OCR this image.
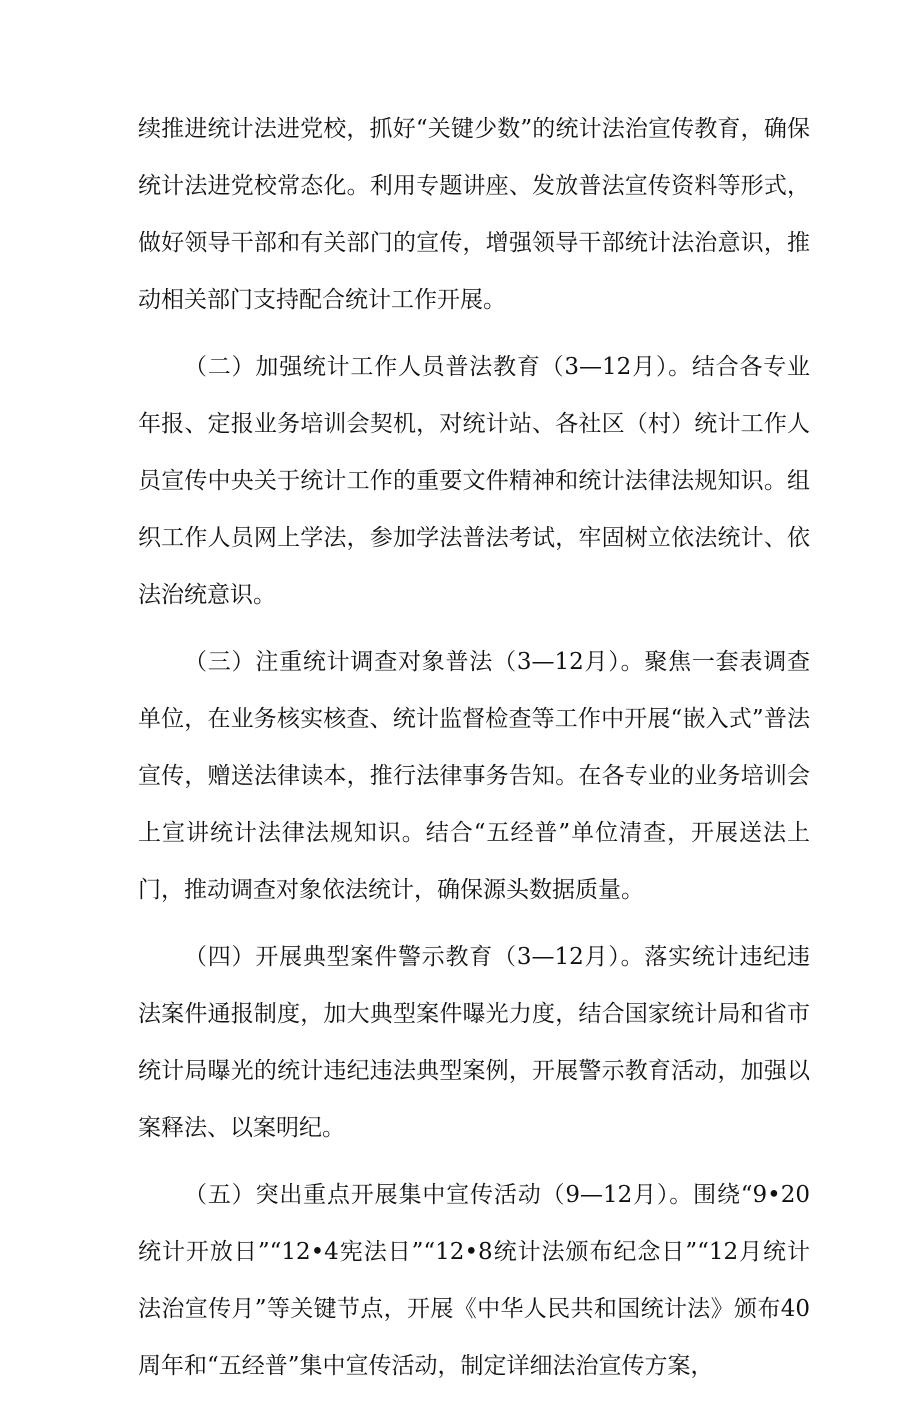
续推进统计法进党校，抓好“关键少数”的统计法治宣传教育，确保统计法进党校常态化。利用专题讲座、发放普法宣传资料等形式，做好领导干部和有关部门的宣传，增强领导干部统计法治意识，推动相关部门支持配合统计工作开展。

（二）加强统计工作人员普法教育（3—12月）。结合各专业年报、定报业务培训会契机，对统计站、各社区（村）统计工作人员宣传中央关于统计工作的重要文件精神和统计法律法规知识。组织工作人员网上学法，参加学法普法考试，牢固树立依法统计、依法治统意识。

（三）注重统计调查对象普法（3—12月）。聚焦一套表调查单位，在业务核实核查、统计监督检查等工作中开展“嵌入式”普法宣传，赠送法律读本，推行法律事务告知。在各专业的业务培训会上宣讲统计法律法规知识。结合“五经普”单位清查，开展送法上门，推动调查对象依法统计，确保源头数据质量。

（四）开展典型案件警示教育（3—12月）。落实统计违纪违法案件通报制度，加大典型案件曝光力度，结合国家统计局和省市统计局曝光的统计违纪违法典型案例，开展警示教育活动，加强以案释法、以案明纪。

（五）突出重点开展集中宣传活动（9—12月）。围绕“9•20统计开放日”“12•4宪法日”“12•8统计法颁布纪念日”“12月统计法治宣传月”等关键节点，开展《中华人民共和国统计法》颁布40周年和“五经普”集中宣传活动，制定详细法治宣传方案，
